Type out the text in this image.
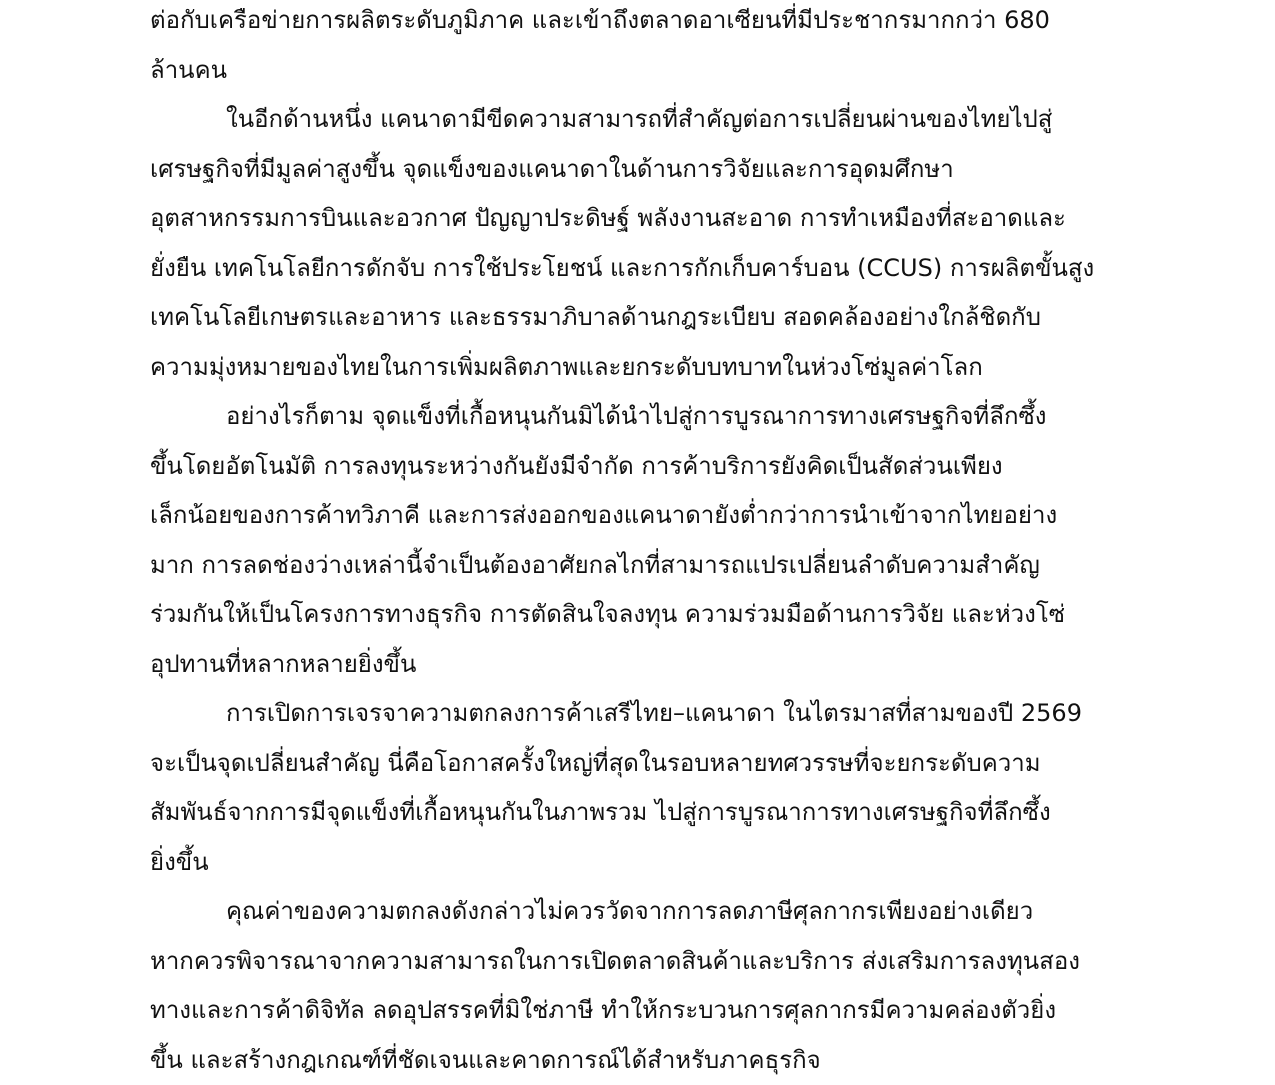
ต่อกับเครือข่ายการผลิตระดับภูมิภาค และเข้าถึงตลาดอาเซียนที่มีประชากรมากกว่า 680
ล้านคน
ในอีกด้านหนึ่ง แคนาดามีขีดความสามารถที่สำคัญต่อการเปลี่ยนผ่านของไทยไปสู่
เศรษฐกิจที่มีมูลค่าสูงขึ้น จุดแข็งของแคนาดาในด้านการวิจัยและการอุดมศึกษา
อุตสาหกรรมการบินและอวกาศ ปัญญาประดิษฐ์ พลังงานสะอาด การทำเหมืองที่สะอาดและ
ยั่งยืน เทคโนโลยีการดักจับ การใช้ประโยชน์ และการกักเก็บคาร์บอน (CCUS) การผลิตขั้นสูง
เทคโนโลยีเกษตรและอาหาร และธรรมาภิบาลด้านกฎระเบียบ สอดคล้องอย่างใกล้ชิดกับ
ความมุ่งหมายของไทยในการเพิ่มผลิตภาพและยกระดับบทบาทในห่วงโซ่มูลค่าโลก
อย่างไรก็ตาม จุดแข็งที่เกื้อหนุนกันมิได้นำไปสู่การบูรณาการทางเศรษฐกิจที่ลึกซึ้ง
ขึ้นโดยอัตโนมัติ การลงทุนระหว่างกันยังมีจำกัด การค้าบริการยังคิดเป็นสัดส่วนเพียง
เล็กน้อยของการค้าทวิภาคี และการส่งออกของแคนาดายังต่ำกว่าการนำเข้าจากไทยอย่าง
มาก การลดช่องว่างเหล่านี้จำเป็นต้องอาศัยกลไกที่สามารถแปรเปลี่ยนลำดับความสำคัญ
ร่วมกันให้เป็นโครงการทางธุรกิจ การตัดสินใจลงทุน ความร่วมมือด้านการวิจัย และห่วงโซ่
อุปทานที่หลากหลายยิ่งขึ้น
การเปิดการเจรจาความตกลงการค้าเสรีไทย–แคนาดา ในไตรมาสที่สามของปี 2569
จะเป็นจุดเปลี่ยนสำคัญ นี่คือโอกาสครั้งใหญ่ที่สุดในรอบหลายทศวรรษที่จะยกระดับความ
สัมพันธ์จากการมีจุดแข็งที่เกื้อหนุนกันในภาพรวม ไปสู่การบูรณาการทางเศรษฐกิจที่ลึกซึ้ง
ยิ่งขึ้น
คุณค่าของความตกลงดังกล่าวไม่ควรวัดจากการลดภาษีศุลกากรเพียงอย่างเดียว
หากควรพิจารณาจากความสามารถในการเปิดตลาดสินค้าและบริการ ส่งเสริมการลงทุนสอง
ทางและการค้าดิจิทัล ลดอุปสรรคที่มิใช่ภาษี ทำให้กระบวนการศุลกากรมีความคล่องตัวยิ่ง
ขึ้น และสร้างกฎเกณฑ์ที่ชัดเจนและคาดการณ์ได้สำหรับภาคธุรกิจ
